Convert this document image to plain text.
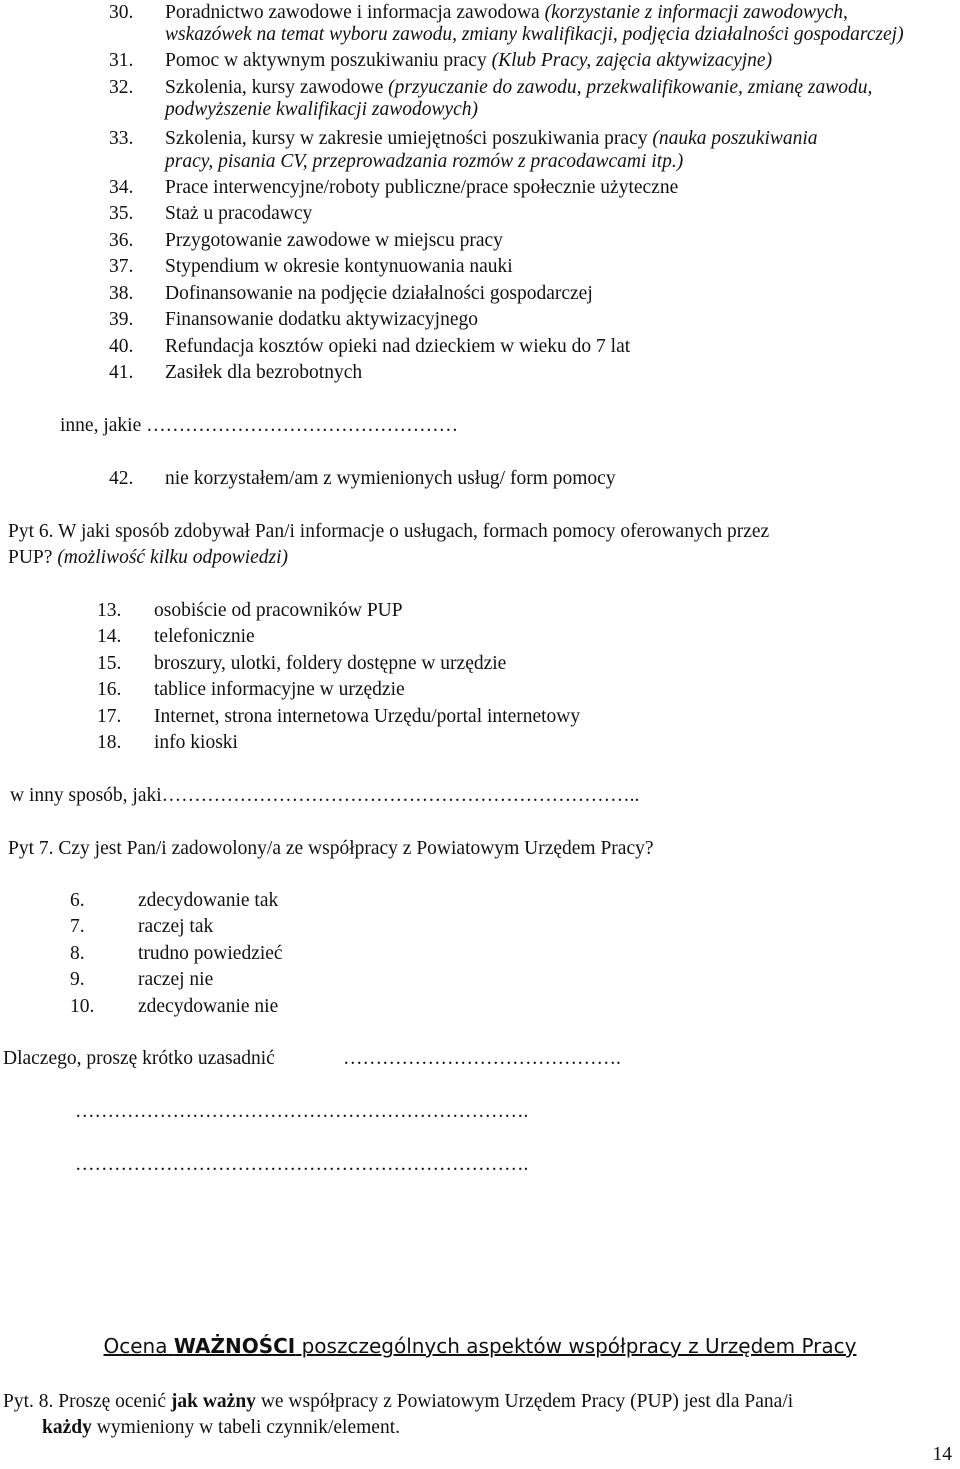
30. Poradnictwo zawodowe i informacja zawodowa (korzystanie z informacji zawodowych,
wskazówek na temat wyboru zawodu, zmiany kwalifikacji, podjęcia działalności gospodarczej)
31. Pomoc w aktywnym poszukiwaniu pracy (Klub Pracy, zajęcia aktywizacyjne)
32. Szkolenia, kursy zawodowe (przyuczanie do zawodu, przekwalifikowanie, zmianę zawodu,
podwyższenie kwalifikacji zawodowych)
33. Szkolenia, kursy w zakresie umiejętności poszukiwania pracy (nauka poszukiwania
pracy, pisania CV, przeprowadzania rozmów z pracodawcami itp.)
34. Prace interwencyjne/roboty publiczne/prace społecznie użyteczne
35. Staż u pracodawcy
36. Przygotowanie zawodowe w miejscu pracy
37. Stypendium w okresie kontynuowania nauki
38. Dofinansowanie na podjęcie działalności gospodarczej
39. Finansowanie dodatku aktywizacyjnego
40. Refundacja kosztów opieki nad dzieckiem w wieku do 7 lat
41. Zasiłek dla bezrobotnych
inne, jakie …………………………………………
42. nie korzystałem/am z wymienionych usług/ form pomocy
Pyt 6. W jaki sposób zdobywał Pan/i informacje o usługach, formach pomocy oferowanych przez
PUP? (możliwość kilku odpowiedzi)
13. osobiście od pracowników PUP
14. telefonicznie
15. broszury, ulotki, foldery dostępne w urzędzie
16. tablice informacyjne w urzędzie
17. Internet, strona internetowa Urzędu/portal internetowy
18. info kioski
w inny sposób, jaki………………………………………………………………..
Pyt 7. Czy jest Pan/i zadowolony/a ze współpracy z Powiatowym Urzędem Pracy?
6.	zdecydowanie tak
7.	raczej tak
8.	trudno powiedzieć
9.	raczej nie
10. zdecydowanie nie
Dlaczego, proszę krótko uzasadnić	…………………………………….
…………………………………………………………….
…………………………………………………………….
Ocena WAŻNOŚCI poszczególnych aspektów współpracy z Urzędem Pracy
Pyt. 8. Proszę ocenić jak ważny we współpracy z Powiatowym Urzędem Pracy (PUP) jest dla Pana/i
każdy wymieniony w tabeli czynnik/element.
14
